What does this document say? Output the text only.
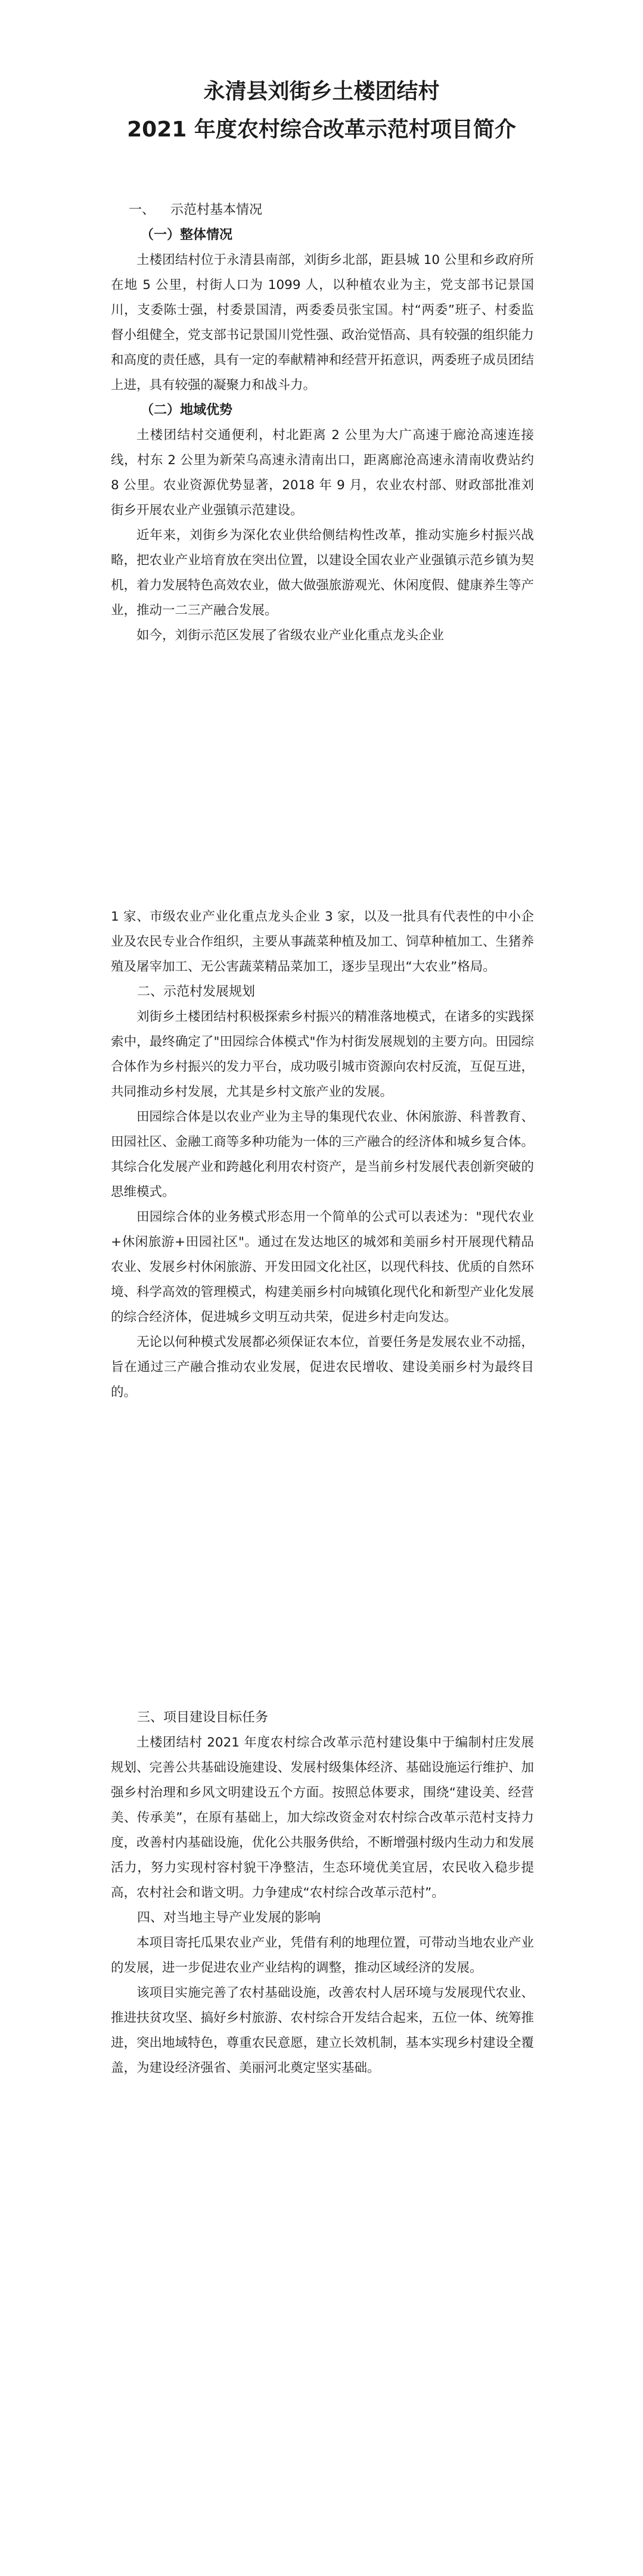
永清县刘街乡土楼团结村
2021 年度农村综合改革示范村项目简介

一、 示范村基本情况

（一）整体情况

土楼团结村位于永清县南部，刘街乡北部，距县城 10 公里和乡政府所在地 5 公里，村街人口为 1099 人，以种植农业为主，党支部书记景国川，支委陈士强，村委景国清，两委委员张宝国。村“两委”班子、村委监督小组健全，党支部书记景国川党性强、政治觉悟高、具有较强的组织能力和高度的责任感，具有一定的奉献精神和经营开拓意识，两委班子成员团结上进，具有较强的凝聚力和战斗力。

（二）地域优势

土楼团结村交通便利，村北距离 2 公里为大广高速于廊沧高速连接线，村东 2 公里为新荣乌高速永清南出口，距离廊沧高速永清南收费站约 8 公里。农业资源优势显著，2018 年 9 月，农业农村部、财政部批准刘街乡开展农业产业强镇示范建设。

近年来，刘街乡为深化农业供给侧结构性改革，推动实施乡村振兴战略，把农业产业培育放在突出位置，以建设全国农业产业强镇示范乡镇为契机，着力发展特色高效农业，做大做强旅游观光、休闲度假、健康养生等产业，推动一二三产融合发展。

如今，刘街示范区发展了省级农业产业化重点龙头企业

1 家、市级农业产业化重点龙头企业 3 家，以及一批具有代表性的中小企业及农民专业合作组织，主要从事蔬菜种植及加工、饲草种植加工、生猪养殖及屠宰加工、无公害蔬菜精品菜加工，逐步呈现出“大农业”格局。

二、示范村发展规划

刘街乡土楼团结村积极探索乡村振兴的精准落地模式，在诸多的实践探索中，最终确定了"田园综合体模式"作为村街发展规划的主要方向。田园综合体作为乡村振兴的发力平台，成功吸引城市资源向农村反流，互促互进，共同推动乡村发展，尤其是乡村文旅产业的发展。

田园综合体是以农业产业为主导的集现代农业、休闲旅游、科普教育、田园社区、金融工商等多种功能为一体的三产融合的经济体和城乡复合体。其综合化发展产业和跨越化利用农村资产，是当前乡村发展代表创新突破的思维模式。

田园综合体的业务模式形态用一个简单的公式可以表述为："现代农业+休闲旅游+田园社区"。通过在发达地区的城郊和美丽乡村开展现代精品农业、发展乡村休闲旅游、开发田园文化社区，以现代科技、优质的自然环境、科学高效的管理模式，构建美丽乡村向城镇化现代化和新型产业化发展的综合经济体，促进城乡文明互动共荣，促进乡村走向发达。

无论以何种模式发展都必须保证农本位，首要任务是发展农业不动摇，旨在通过三产融合推动农业发展，促进农民增收、建设美丽乡村为最终目的。

三、项目建设目标任务

土楼团结村 2021 年度农村综合改革示范村建设集中于编制村庄发展规划、完善公共基础设施建设、发展村级集体经济、基础设施运行维护、加强乡村治理和乡风文明建设五个方面。按照总体要求，围绕“建设美、经营美、传承美”，在原有基础上，加大综改资金对农村综合改革示范村支持力度，改善村内基础设施，优化公共服务供给，不断增强村级内生动力和发展活力，努力实现村容村貌干净整洁，生态环境优美宜居，农民收入稳步提高，农村社会和谐文明。力争建成“农村综合改革示范村”。

四、对当地主导产业发展的影响

本项目寄托瓜果农业产业，凭借有利的地理位置，可带动当地农业产业的发展，进一步促进农业产业结构的调整，推动区域经济的发展。

该项目实施完善了农村基础设施，改善农村人居环境与发展现代农业、推进扶贫攻坚、搞好乡村旅游、农村综合开发结合起来，五位一体、统筹推进，突出地域特色，尊重农民意愿，建立长效机制，基本实现乡村建设全覆盖，为建设经济强省、美丽河北奠定坚实基础。
